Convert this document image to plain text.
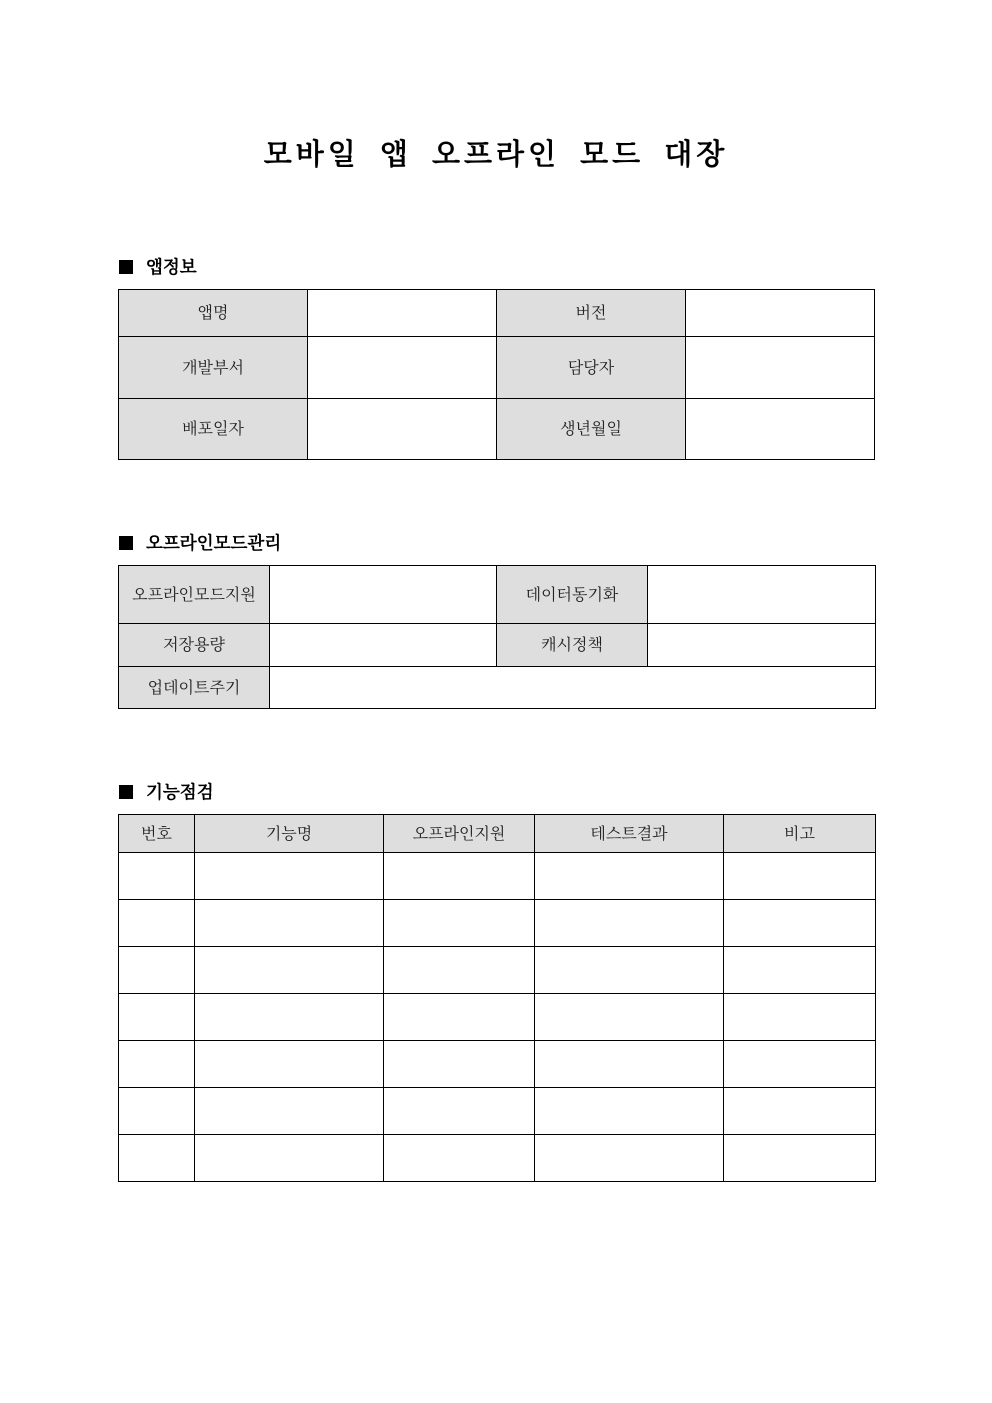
모바일 앱 오프라인 모드 대장
앱정보
앱명		버전	
개발부서		담당자	
배포일자		생년월일	
오프라인모드관리
오프라인모드지원		데이터동기화	
저장용량		캐시정책	
업데이트주기			
기능점검
번호	기능명	오프라인지원	테스트결과	비고
